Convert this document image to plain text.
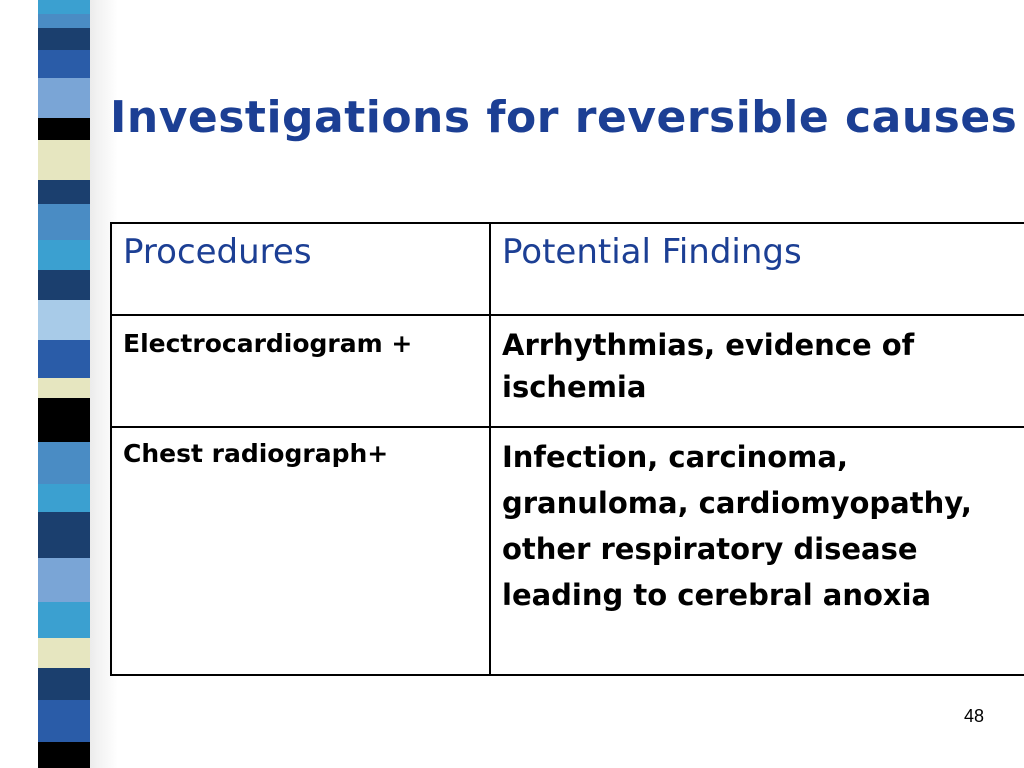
Investigations for reversible causes
Procedures	Potential Findings
Electrocardiogram +	Arrhythmias, evidence of ischemia
Chest radiograph+	Infection, carcinoma, granuloma, cardiomyopathy, other respiratory disease leading to cerebral anoxia
48
